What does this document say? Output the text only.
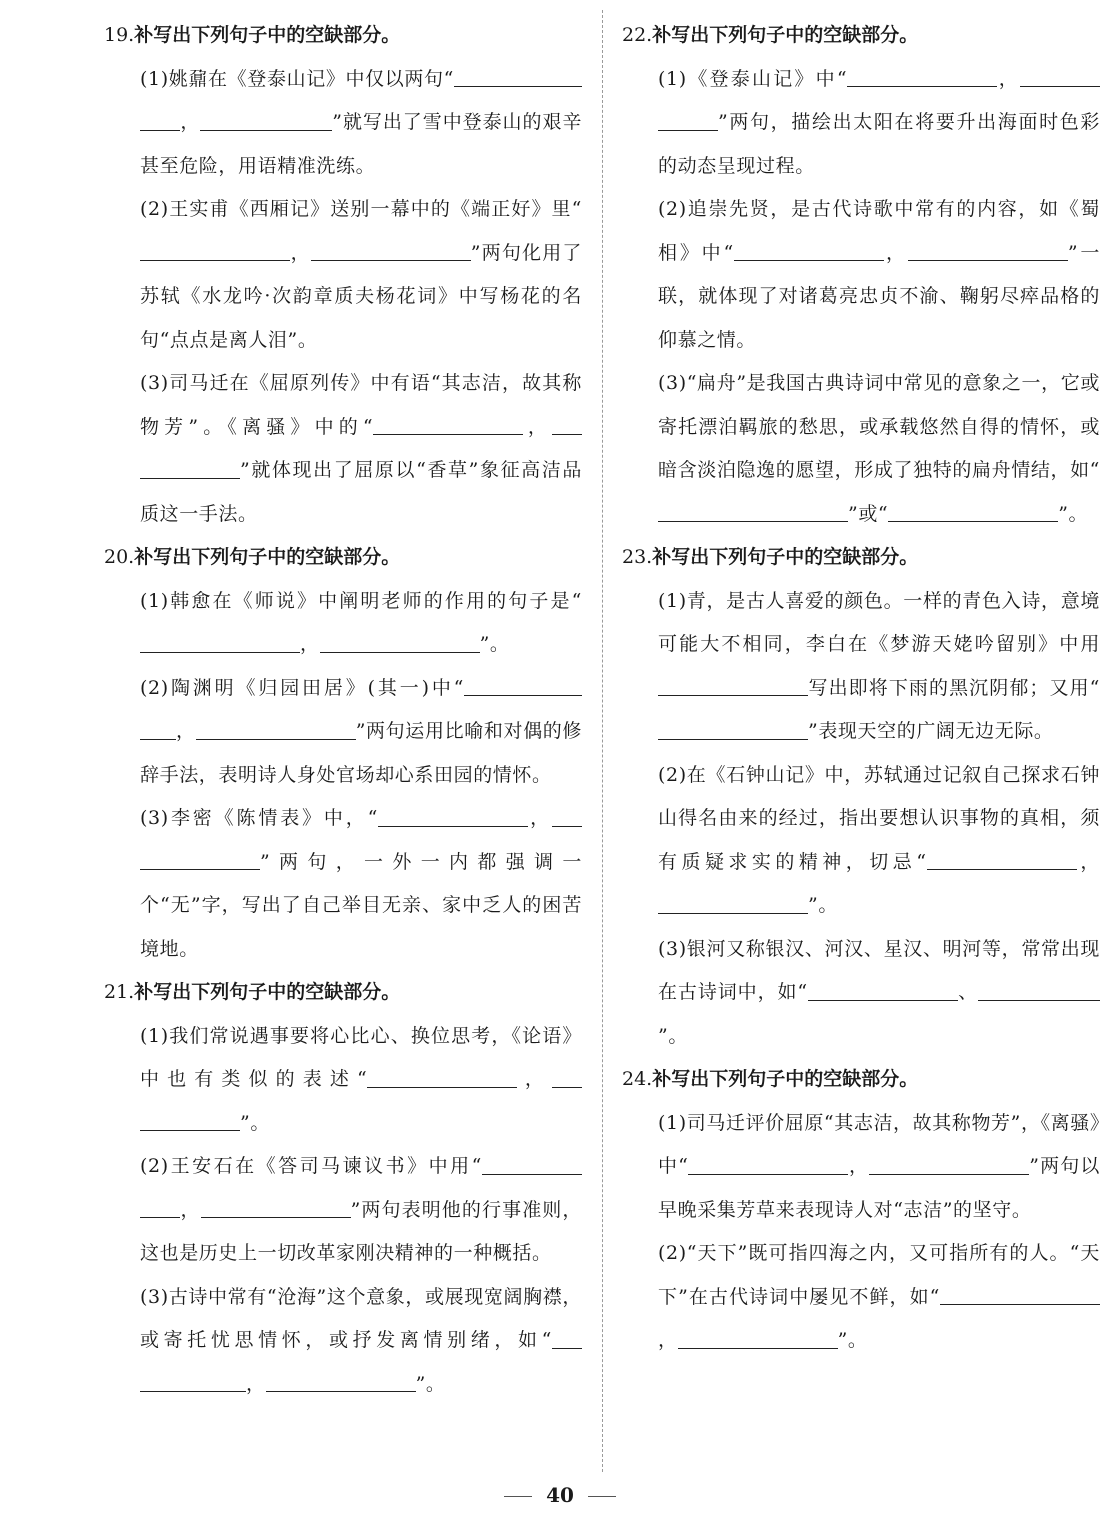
19.补写出下列句子中的空缺部分。

(1)姚鼐在《登泰山记》中仅以两句“，	”就写出了雪中登泰山的艰辛甚至危险，用语精准洗练。

(2)王实甫《西厢记》送别一幕中的《端正好》里“，	”两句化用了苏轼《水龙吟·次韵章质夫杨花词》中写杨花的名句“点点是离人泪”。

(3)司马迁在《屈原列传》中有语“其志洁，故其称物芳”。《离骚》中的“	，”就体现出了屈原以“香草”象征高洁品质这一手法。

20.补写出下列句子中的空缺部分。

(1)韩愈在《师说》中阐明老师的作用的句子是“，	”。

(2)陶渊明《归园田居》(其一)中“，	”两句运用比喻和对偶的修辞手法，表明诗人身处官场却心系田园的情怀。

(3)李密《陈情表》中，“	，”两句，一外一内都强调一个“无”字，写出了自己举目无亲、家中乏人的困苦境地。

21.补写出下列句子中的空缺部分。

(1)我们常说遇事要将心比心、换位思考，《论语》中也有类似的表述“	，”。

(2)王安石在《答司马谏议书》中用“，	”两句表明他的行事准则，这也是历史上一切改革家刚决精神的一种概括。

(3)古诗中常有“沧海”这个意象，或展现宽阔胸襟，或寄托忧思情怀，或抒发离情别绪，如“，	”。

22.补写出下列句子中的空缺部分。

(1)《登泰山记》中“	，”两句，描绘出太阳在将要升出海面时色彩的动态呈现过程。

(2)追崇先贤，是古代诗歌中常有的内容，如《蜀相》中“	，	”一联，就体现了对诸葛亮忠贞不渝、鞠躬尽瘁品格的仰慕之情。

(3)“扁舟”是我国古典诗词中常见的意象之一，它或寄托漂泊羁旅的愁思，或承载悠然自得的情怀，或暗含淡泊隐逸的愿望，形成了独特的扁舟情结，如“”或“	”。

23.补写出下列句子中的空缺部分。

(1)青，是古人喜爱的颜色。一样的青色入诗，意境可能大不相同，李白在《梦游天姥吟留别》中用写出即将下雨的黑沉阴郁；又用“”表现天空的广阔无边无际。

(2)在《石钟山记》中，苏轼通过记叙自己探求石钟山得名由来的经过，指出要想认识事物的真相，须有质疑求实的精神，切忌“	，”。

(3)银河又称银汉、河汉、星汉、明河等，常常出现在古诗词中，如“	、”。

24.补写出下列句子中的空缺部分。

(1)司马迁评价屈原“其志洁，故其称物芳”，《离骚》中“	，	”两句以早晚采集芳草来表现诗人对“志洁”的坚守。

(2)“天下”既可指四海之内，又可指所有的人。“天下”在古代诗词中屡见不鲜，如“，	”。

40
